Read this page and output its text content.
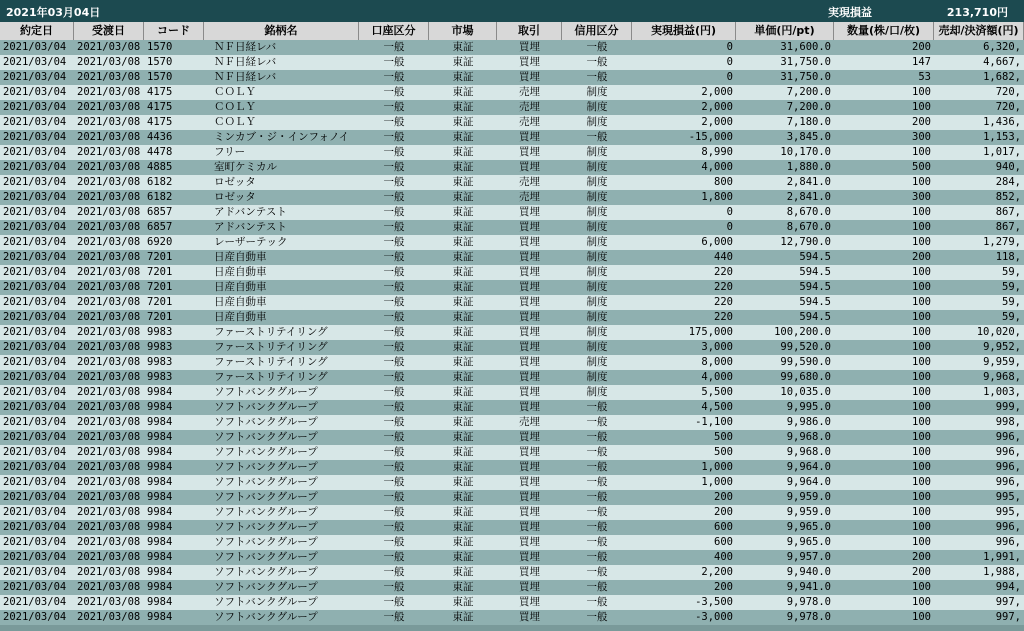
2021年03月04日	実現損益	213,710円
約定日	受渡日	コード	銘柄名	口座区分	市場	取引	信用区分	実現損益(円)	単価(円/pt)	数量(株/口/枚)	売却/決済額(円)
2021/03/04	2021/03/08 1570	ＮＦ日経レバ	一般	東証	買埋	一般	0	31,600.0	200	6,320,
2021/03/04	2021/03/08 1570	ＮＦ日経レバ	一般	東証	買埋	一般	0	31,750.0	147	4,667,
2021/03/04	2021/03/08 1570	ＮＦ日経レバ	一般	東証	買埋	一般	0	31,750.0	53	1,682,
2021/03/04	2021/03/08 4175	ＣＯＬＹ	一般	東証	売埋	制度	2,000	7,200.0	100	720,
2021/03/04	2021/03/08 4175	ＣＯＬＹ	一般	東証	売埋	制度	2,000	7,200.0	100	720,
2021/03/04	2021/03/08 4175	ＣＯＬＹ	一般	東証	売埋	制度	2,000	7,180.0	200	1,436,
2021/03/04	2021/03/08 4436	ミンカブ・ジ・インフォノイ	一般	東証	買埋	一般	-15,000	3,845.0	300	1,153,
2021/03/04	2021/03/08 4478	フリー	一般	東証	買埋	制度	8,990	10,170.0	100	1,017,
2021/03/04	2021/03/08 4885	室町ケミカル	一般	東証	買埋	制度	4,000	1,880.0	500	940,
2021/03/04	2021/03/08 6182	ロゼッタ	一般	東証	売埋	制度	800	2,841.0	100	284,
2021/03/04	2021/03/08 6182	ロゼッタ	一般	東証	売埋	制度	1,800	2,841.0	300	852,
2021/03/04	2021/03/08 6857	アドバンテスト	一般	東証	買埋	制度	0	8,670.0	100	867,
2021/03/04	2021/03/08 6857	アドバンテスト	一般	東証	買埋	制度	0	8,670.0	100	867,
2021/03/04	2021/03/08 6920	レーザーテック	一般	東証	買埋	制度	6,000	12,790.0	100	1,279,
2021/03/04	2021/03/08 7201	日産自動車	一般	東証	買埋	制度	440	594.5	200	118,
2021/03/04	2021/03/08 7201	日産自動車	一般	東証	買埋	制度	220	594.5	100	59,
2021/03/04	2021/03/08 7201	日産自動車	一般	東証	買埋	制度	220	594.5	100	59,
2021/03/04	2021/03/08 7201	日産自動車	一般	東証	買埋	制度	220	594.5	100	59,
2021/03/04	2021/03/08 7201	日産自動車	一般	東証	買埋	制度	220	594.5	100	59,
2021/03/04	2021/03/08 9983	ファーストリテイリング	一般	東証	買埋	制度	175,000	100,200.0	100	10,020,
2021/03/04	2021/03/08 9983	ファーストリテイリング	一般	東証	買埋	制度	3,000	99,520.0	100	9,952,
2021/03/04	2021/03/08 9983	ファーストリテイリング	一般	東証	買埋	制度	8,000	99,590.0	100	9,959,
2021/03/04	2021/03/08 9983	ファーストリテイリング	一般	東証	買埋	制度	4,000	99,680.0	100	9,968,
2021/03/04	2021/03/08 9984	ソフトバンクグループ	一般	東証	買埋	制度	5,500	10,035.0	100	1,003,
2021/03/04	2021/03/08 9984	ソフトバンクグループ	一般	東証	買埋	一般	4,500	9,995.0	100	999,
2021/03/04	2021/03/08 9984	ソフトバンクグループ	一般	東証	売埋	一般	-1,100	9,986.0	100	998,
2021/03/04	2021/03/08 9984	ソフトバンクグループ	一般	東証	買埋	一般	500	9,968.0	100	996,
2021/03/04	2021/03/08 9984	ソフトバンクグループ	一般	東証	買埋	一般	500	9,968.0	100	996,
2021/03/04	2021/03/08 9984	ソフトバンクグループ	一般	東証	買埋	一般	1,000	9,964.0	100	996,
2021/03/04	2021/03/08 9984	ソフトバンクグループ	一般	東証	買埋	一般	1,000	9,964.0	100	996,
2021/03/04	2021/03/08 9984	ソフトバンクグループ	一般	東証	買埋	一般	200	9,959.0	100	995,
2021/03/04	2021/03/08 9984	ソフトバンクグループ	一般	東証	買埋	一般	200	9,959.0	100	995,
2021/03/04	2021/03/08 9984	ソフトバンクグループ	一般	東証	買埋	一般	600	9,965.0	100	996,
2021/03/04	2021/03/08 9984	ソフトバンクグループ	一般	東証	買埋	一般	600	9,965.0	100	996,
2021/03/04	2021/03/08 9984	ソフトバンクグループ	一般	東証	買埋	一般	400	9,957.0	200	1,991,
2021/03/04	2021/03/08 9984	ソフトバンクグループ	一般	東証	買埋	一般	2,200	9,940.0	200	1,988,
2021/03/04	2021/03/08 9984	ソフトバンクグループ	一般	東証	買埋	一般	200	9,941.0	100	994,
2021/03/04	2021/03/08 9984	ソフトバンクグループ	一般	東証	買埋	一般	-3,500	9,978.0	100	997,
2021/03/04	2021/03/08 9984	ソフトバンクグループ	一般	東証	買埋	一般	-3,000	9,978.0	100	997,
